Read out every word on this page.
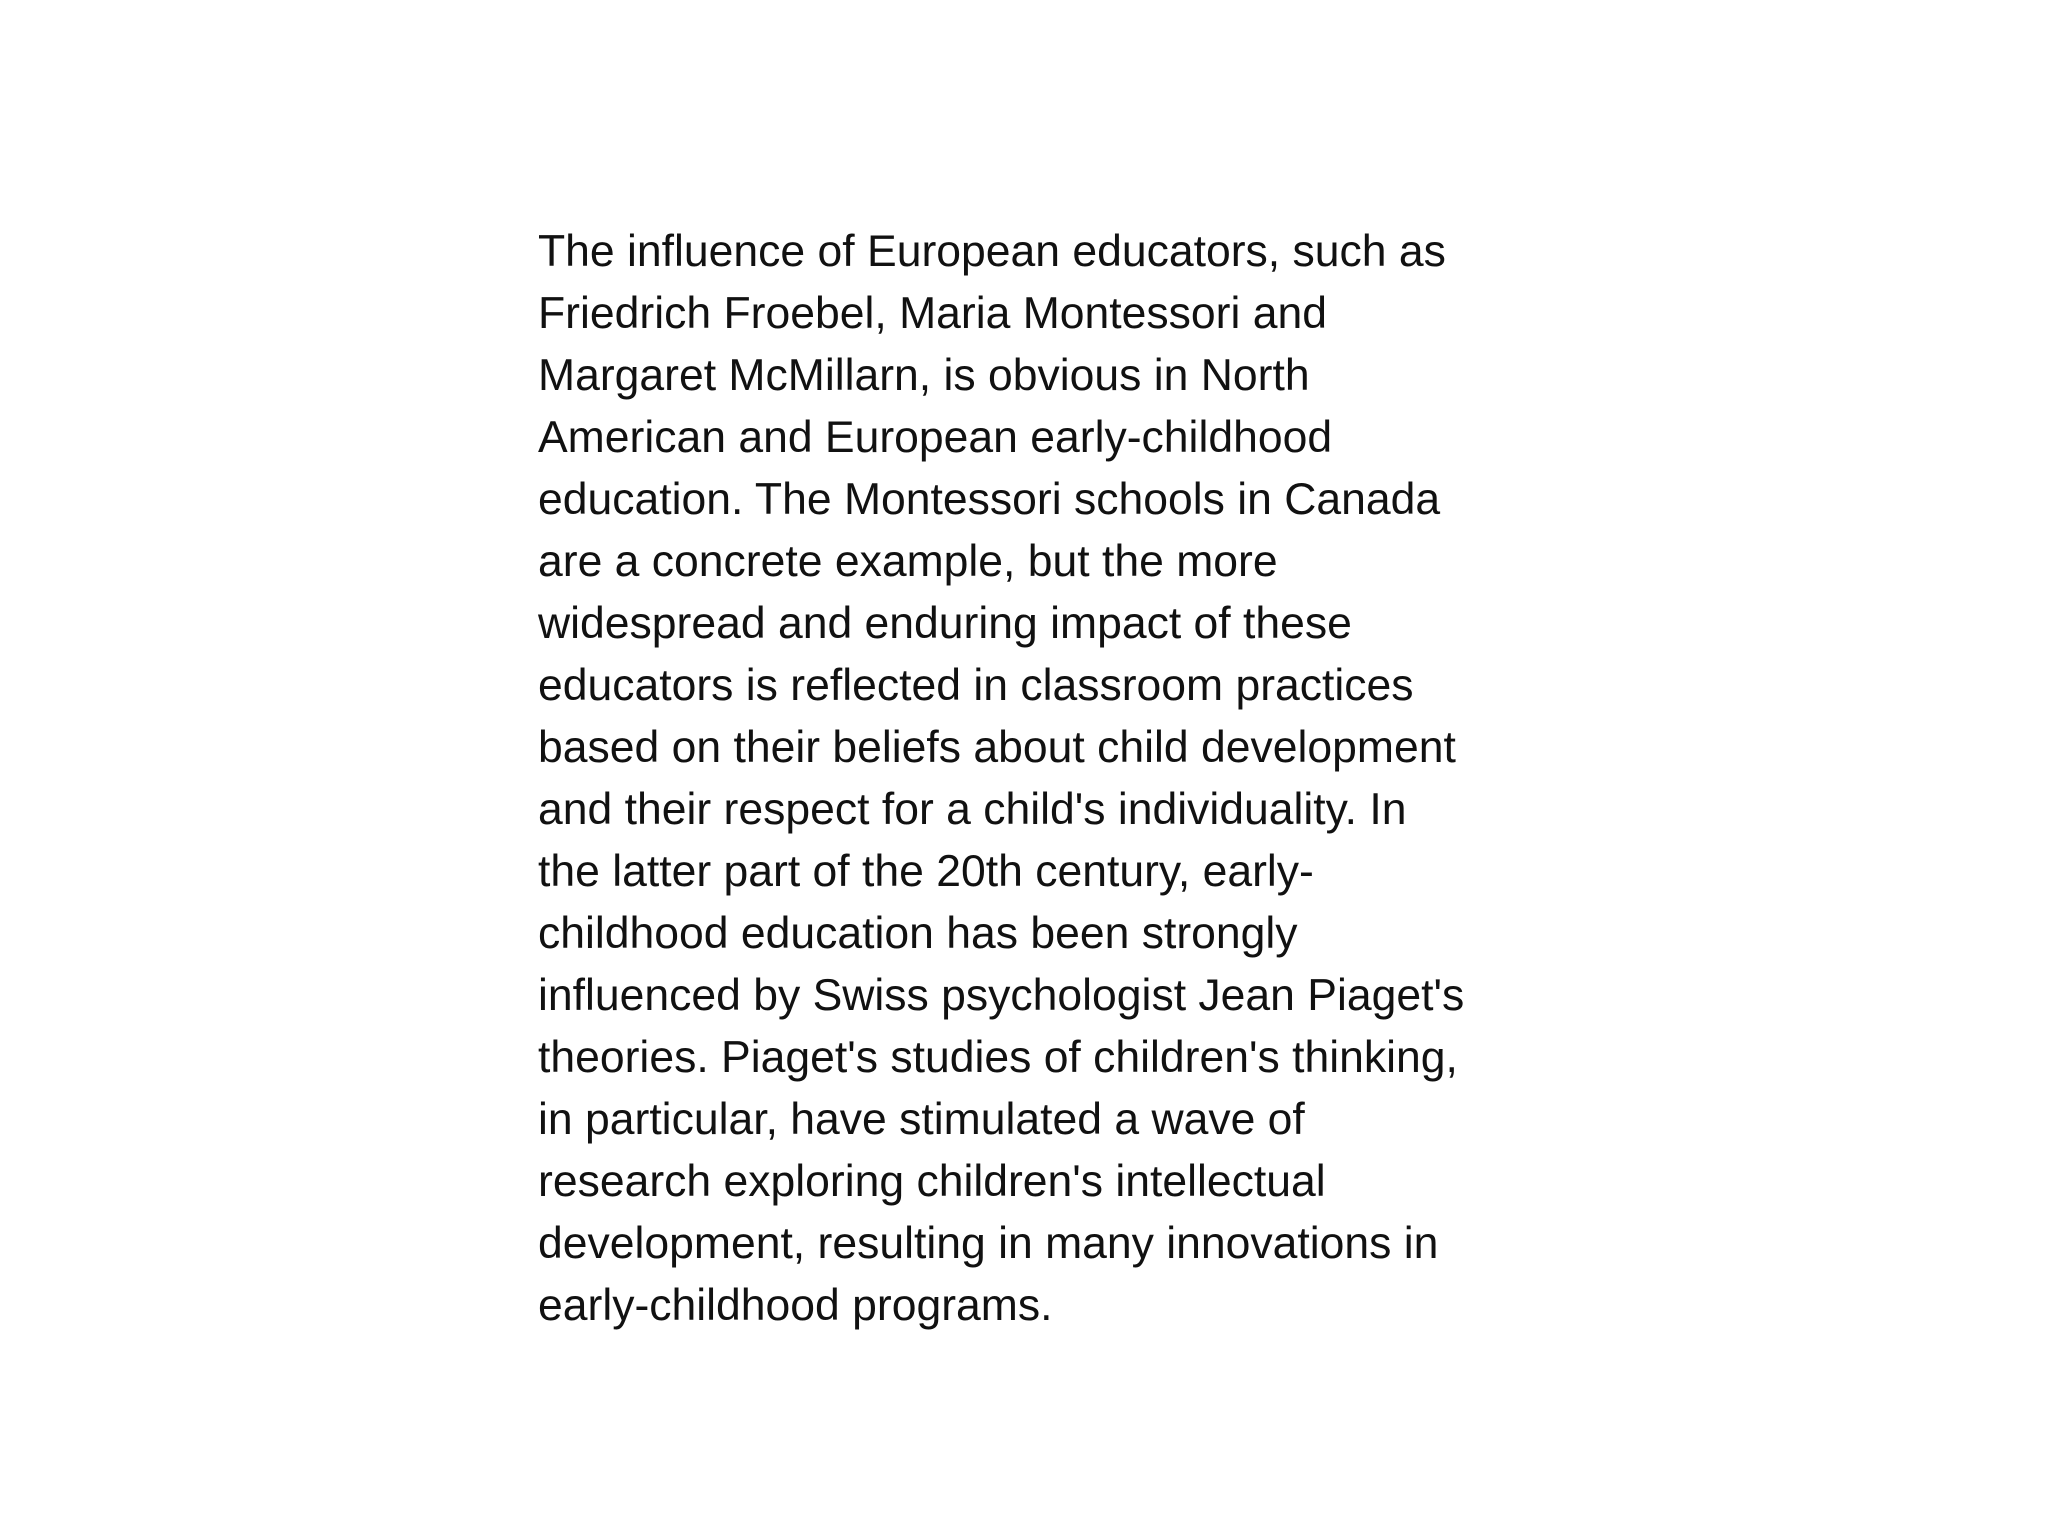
The influence of European educators, such as
Friedrich Froebel, Maria Montessori and
Margaret McMillarn, is obvious in North
American and European early-childhood
education. The Montessori schools in Canada
are a concrete example, but the more
widespread and enduring impact of these
educators is reflected in classroom practices
based on their beliefs about child development
and their respect for a child's individuality. In
the latter part of the 20th century, early-
childhood education has been strongly
influenced by Swiss psychologist Jean Piaget's
theories. Piaget's studies of children's thinking,
in particular, have stimulated a wave of
research exploring children's intellectual
development, resulting in many innovations in
early-childhood programs.
